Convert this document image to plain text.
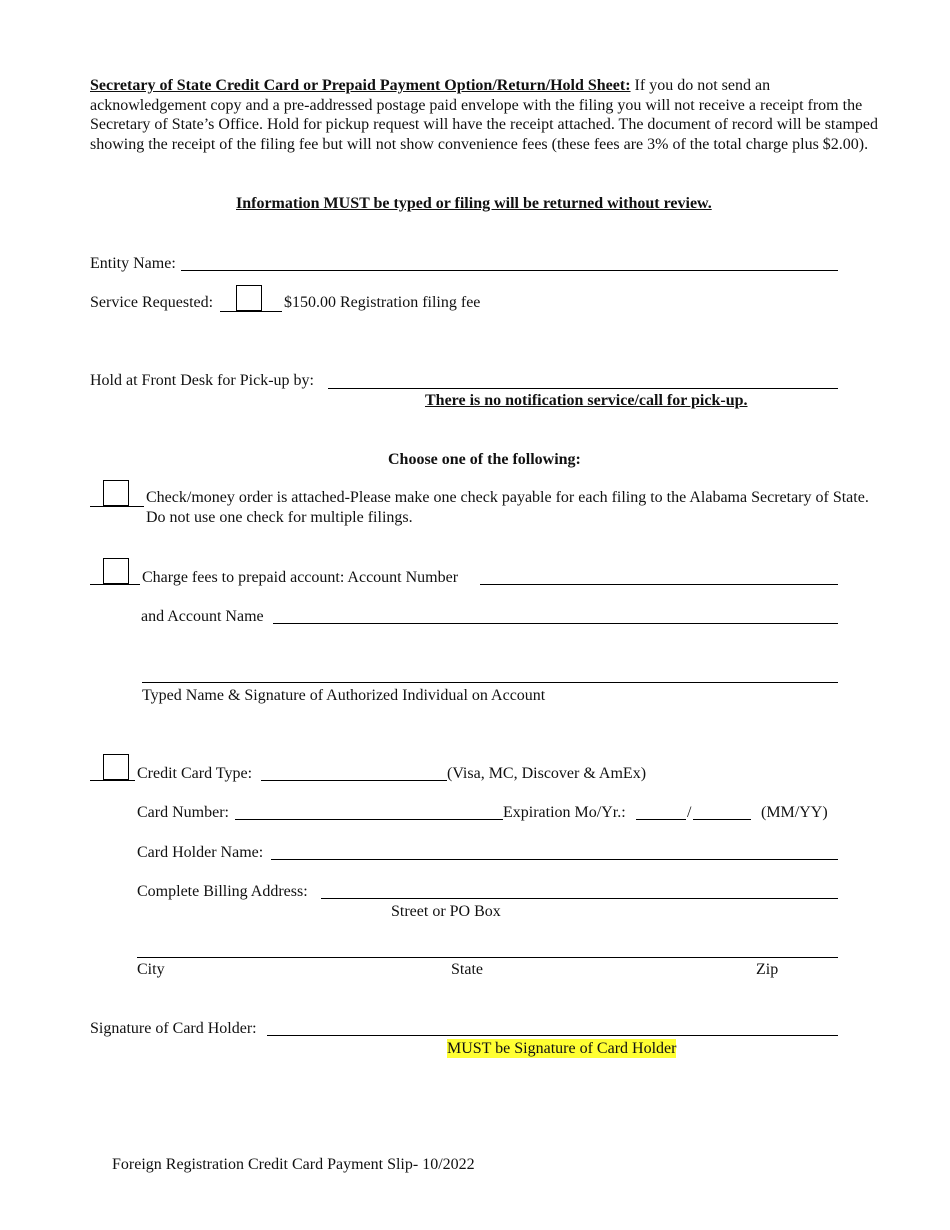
Secretary of State Credit Card or Prepaid Payment Option/Return/Hold Sheet: If you do not send an acknowledgement copy and a pre-addressed postage paid envelope with the filing you will not receive a receipt from the Secretary of State’s Office. Hold for pickup request will have the receipt attached. The document of record will be stamped showing the receipt of the filing fee but will not show convenience fees (these fees are 3% of the total charge plus $2.00).
Information MUST be typed or filing will be returned without review.
Entity Name:
Service Requested:	$150.00 Registration filing fee
Hold at Front Desk for Pick-up by:
There is no notification service/call for pick-up.
Choose one of the following:
Check/money order is attached-Please make one check payable for each filing to the Alabama Secretary of State. Do not use one check for multiple filings.
Charge fees to prepaid account: Account Number
and Account Name
Typed Name & Signature of Authorized Individual on Account
Credit Card Type:	(Visa, MC, Discover & AmEx)
Card Number:	Expiration Mo/Yr.:	/	(MM/YY)
Card Holder Name:
Complete Billing Address:
Street or PO Box
City	State	Zip
Signature of Card Holder:
MUST be Signature of Card Holder
Foreign Registration Credit Card Payment Slip- 10/2022
